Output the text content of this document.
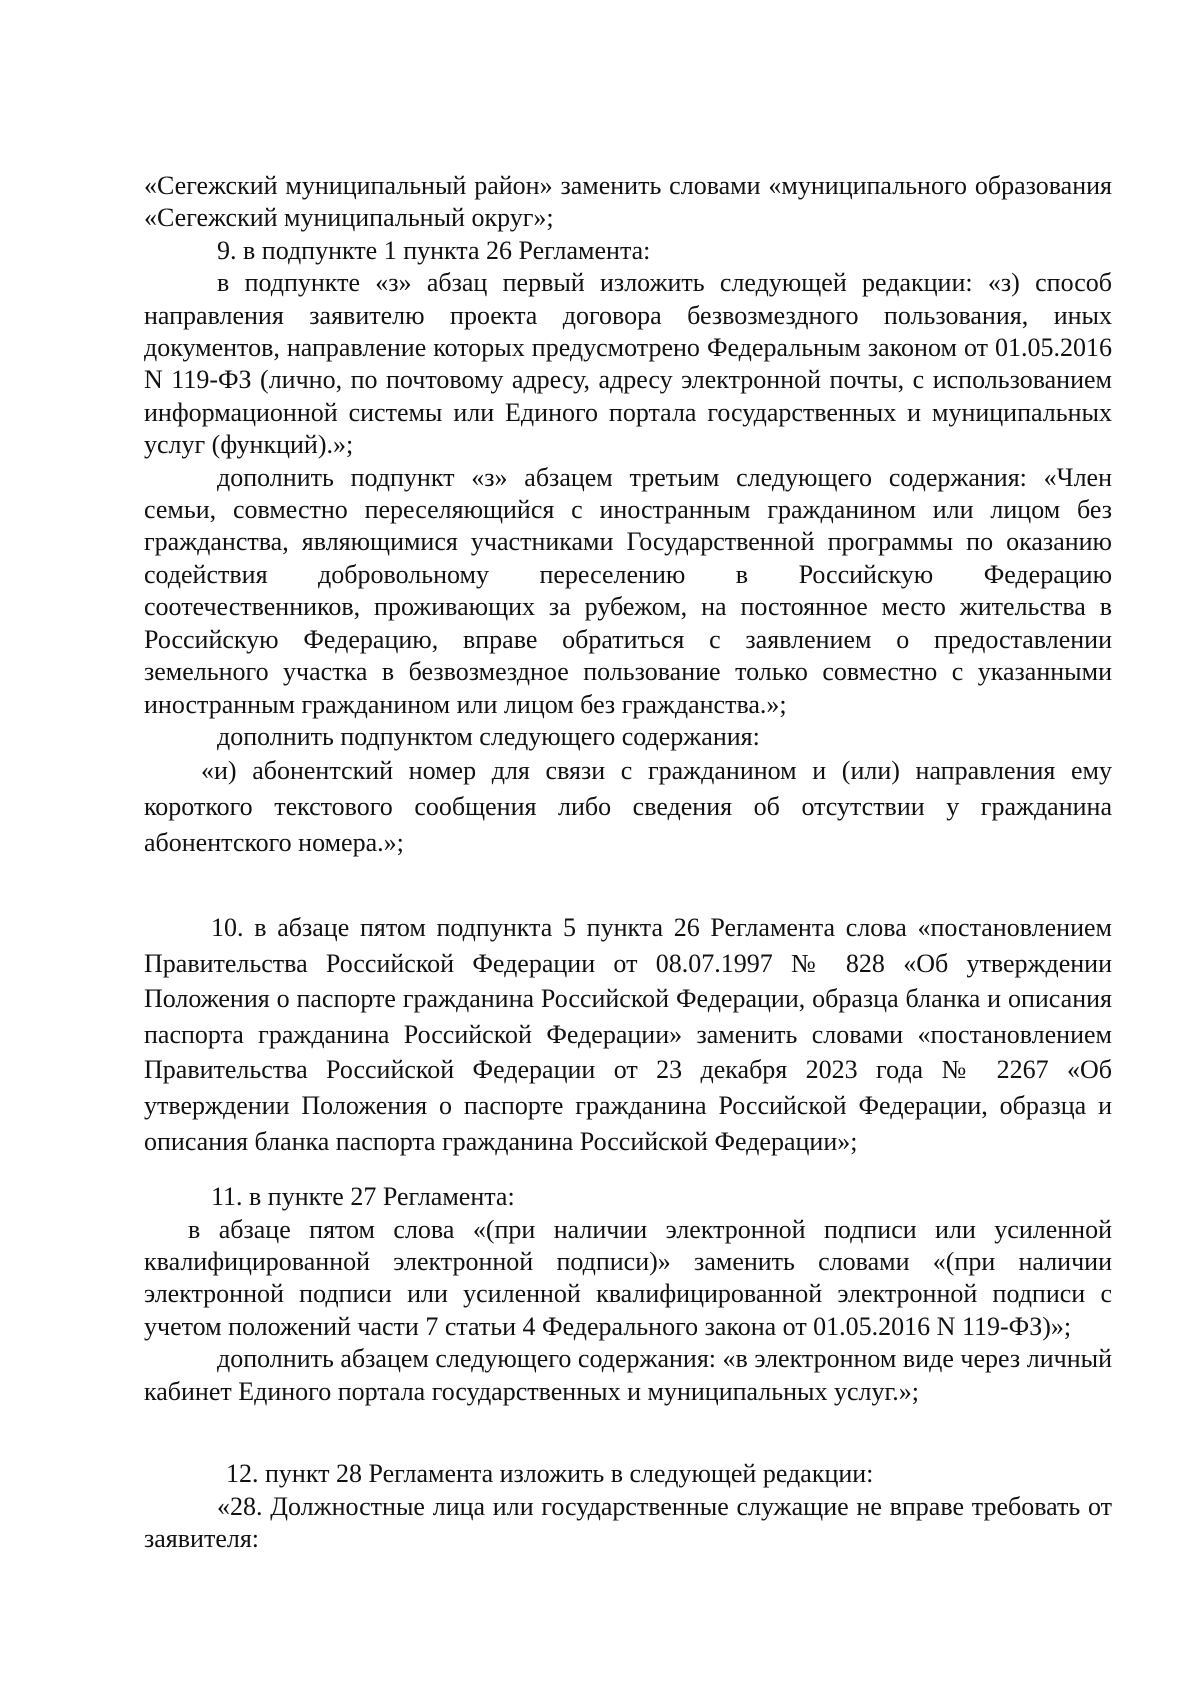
«Сегежский муниципальный район» заменить словами «муниципального образования «Сегежский муниципальный округ»;

9. в подпункте 1 пункта 26 Регламента:

в подпункте «з» абзац первый изложить следующей редакции: «з) способ направления заявителю проекта договора безвозмездного пользования, иных документов, направление которых предусмотрено Федеральным законом от 01.05.2016 N 119-ФЗ (лично, по почтовому адресу, адресу электронной почты, с использованием информационной системы или Единого портала государственных и муниципальных услуг (функций).»;

дополнить подпункт «з» абзацем третьим следующего содержания: «Член семьи, совместно переселяющийся с иностранным гражданином или лицом без гражданства, являющимися участниками Государственной программы по оказанию содействия добровольному переселению в Российскую Федерацию соотечественников, проживающих за рубежом, на постоянное место жительства в Российскую Федерацию, вправе обратиться с заявлением о предоставлении земельного участка в безвозмездное пользование только совместно с указанными иностранным гражданином или лицом без гражданства.»;

дополнить подпунктом следующего содержания:

«и) абонентский номер для связи с гражданином и (или) направления ему короткого текстового сообщения либо сведения об отсутствии у гражданина абонентского номера.»;

10. в абзаце пятом подпункта 5 пункта 26 Регламента слова «постановлением Правительства Российской Федерации от 08.07.1997 № 828 «Об утверждении Положения о паспорте гражданина Российской Федерации, образца бланка и описания паспорта гражданина Российской Федерации» заменить словами «постановлением Правительства Российской Федерации от 23 декабря 2023 года № 2267 «Об утверждении Положения о паспорте гражданина Российской Федерации, образца и описания бланка паспорта гражданина Российской Федерации»;

11. в пункте 27 Регламента:

в абзаце пятом слова «(при наличии электронной подписи или усиленной квалифицированной электронной подписи)» заменить словами «(при наличии электронной подписи или усиленной квалифицированной электронной подписи с учетом положений части 7 статьи 4 Федерального закона от 01.05.2016 N 119-ФЗ)»;

дополнить абзацем следующего содержания: «в электронном виде через личный кабинет Единого портала государственных и муниципальных услуг.»;

12. пункт 28 Регламента изложить в следующей редакции:

«28. Должностные лица или государственные служащие не вправе требовать от заявителя:
